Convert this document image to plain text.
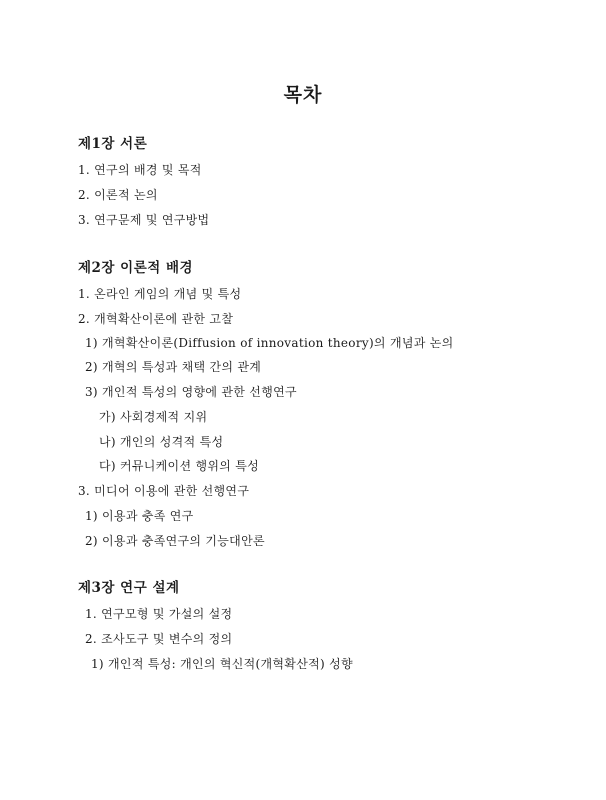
목차
제1장 서론
1. 연구의 배경 및 목적
2. 이론적 논의
3. 연구문제 및 연구방법
제2장 이론적 배경
1. 온라인 게임의 개념 및 특성
2. 개혁확산이론에 관한 고찰
1) 개혁확산이론(Diffusion of innovation theory)의 개념과 논의
2) 개혁의 특성과 채택 간의 관계
3) 개인적 특성의 영향에 관한 선행연구
가) 사회경제적 지위
나) 개인의 성격적 특성
다) 커뮤니케이션 행위의 특성
3. 미디어 이용에 관한 선행연구
1) 이용과 충족 연구
2) 이용과 충족연구의 기능대안론
제3장 연구 설계
1. 연구모형 및 가설의 설정
2. 조사도구 및 변수의 정의
1) 개인적 특성: 개인의 혁신적(개혁확산적) 성향
